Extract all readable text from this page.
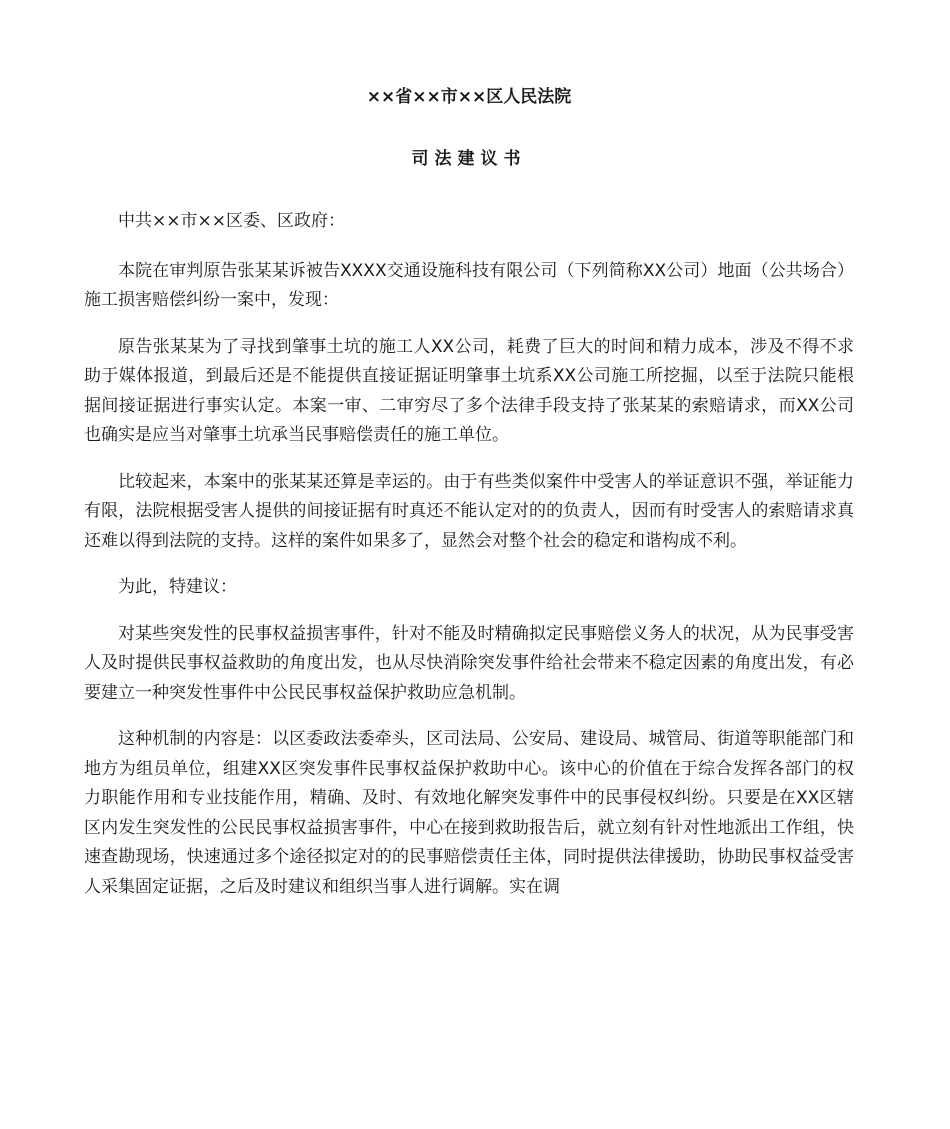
××省××市××区人民法院
司法建议书

中共××市××区委、区政府：

本院在审判原告张某某诉被告XXXX交通设施科技有限公司（下列简称XX公司）地面（公共场合）施工损害赔偿纠纷一案中，发现：

原告张某某为了寻找到肇事土坑的施工人XX公司，耗费了巨大的时间和精力成本，涉及不得不求助于媒体报道，到最后还是不能提供直接证据证明肇事土坑系XX公司施工所挖掘，以至于法院只能根据间接证据进行事实认定。本案一审、二审穷尽了多个法律手段支持了张某某的索赔请求，而XX公司也确实是应当对肇事土坑承当民事赔偿责任的施工单位。

比较起来，本案中的张某某还算是幸运的。由于有些类似案件中受害人的举证意识不强，举证能力有限，法院根据受害人提供的间接证据有时真还不能认定对的的负责人，因而有时受害人的索赔请求真还难以得到法院的支持。这样的案件如果多了，显然会对整个社会的稳定和谐构成不利。

为此，特建议：

对某些突发性的民事权益损害事件，针对不能及时精确拟定民事赔偿义务人的状况，从为民事受害人及时提供民事权益救助的角度出发，也从尽快消除突发事件给社会带来不稳定因素的角度出发，有必要建立一种突发性事件中公民民事权益保护救助应急机制。

这种机制的内容是：以区委政法委牵头，区司法局、公安局、建设局、城管局、街道等职能部门和地方为组员单位，组建XX区突发事件民事权益保护救助中心。该中心的价值在于综合发挥各部门的权力职能作用和专业技能作用，精确、及时、有效地化解突发事件中的民事侵权纠纷。只要是在XX区辖区内发生突发性的公民民事权益损害事件，中心在接到救助报告后，就立刻有针对性地派出工作组，快速查勘现场，快速通过多个途径拟定对的的民事赔偿责任主体，同时提供法律援助，协助民事权益受害人采集固定证据，之后及时建议和组织当事人进行调解。实在调
